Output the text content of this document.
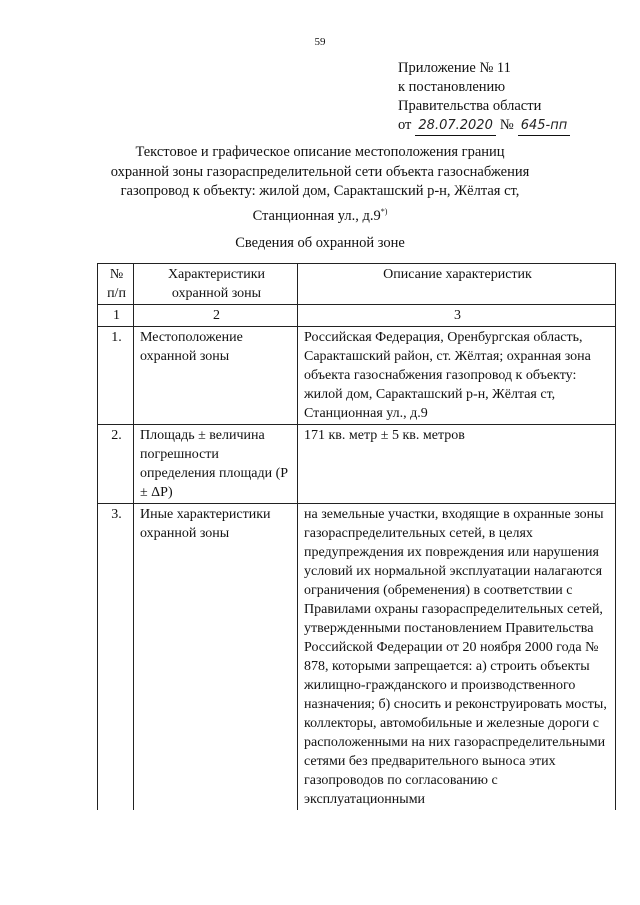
59
Приложение № 11
к постановлению
Правительства области
от 28.07.2020 № 645-пп
Текстовое и графическое описание местоположения границ
охранной зоны газораспределительной сети объекта газоснабжения
газопровод к объекту: жилой дом, Саракташский р-н, Жёлтая ст,
Станционная ул., д.9*)
Сведения об охранной зоне
№ п/п	Характеристики охранной зоны	Описание характеристик
1	2	3
1.	Местоположение охранной зоны	Российская Федерация, Оренбургская область, Саракташский район, ст. Жёлтая; охранная зона объекта газоснабжения газопровод к объекту: жилой дом, Саракташский р-н, Жёлтая ст, Станционная ул., д.9
2.	Площадь ± величина погрешности определения площади (P ± ΔP)	171 кв. метр ± 5 кв. метров
3.	Иные характеристики охранной зоны	на земельные участки, входящие в охранные зоны газораспределительных сетей, в целях предупреждения их повреждения или нарушения условий их нормальной эксплуатации налагаются ограничения (обременения) в соответствии с Правилами охраны газораспределительных сетей, утвержденными постановлением Правительства Российской Федерации от 20 ноября 2000 года № 878, которыми запрещается: а) строить объекты жилищно-гражданского и производственного назначения; б) сносить и реконструировать мосты, коллекторы, автомобильные и железные дороги с расположенными на них газораспределительными сетями без предварительного выноса этих газопроводов по согласованию с эксплуатационными
